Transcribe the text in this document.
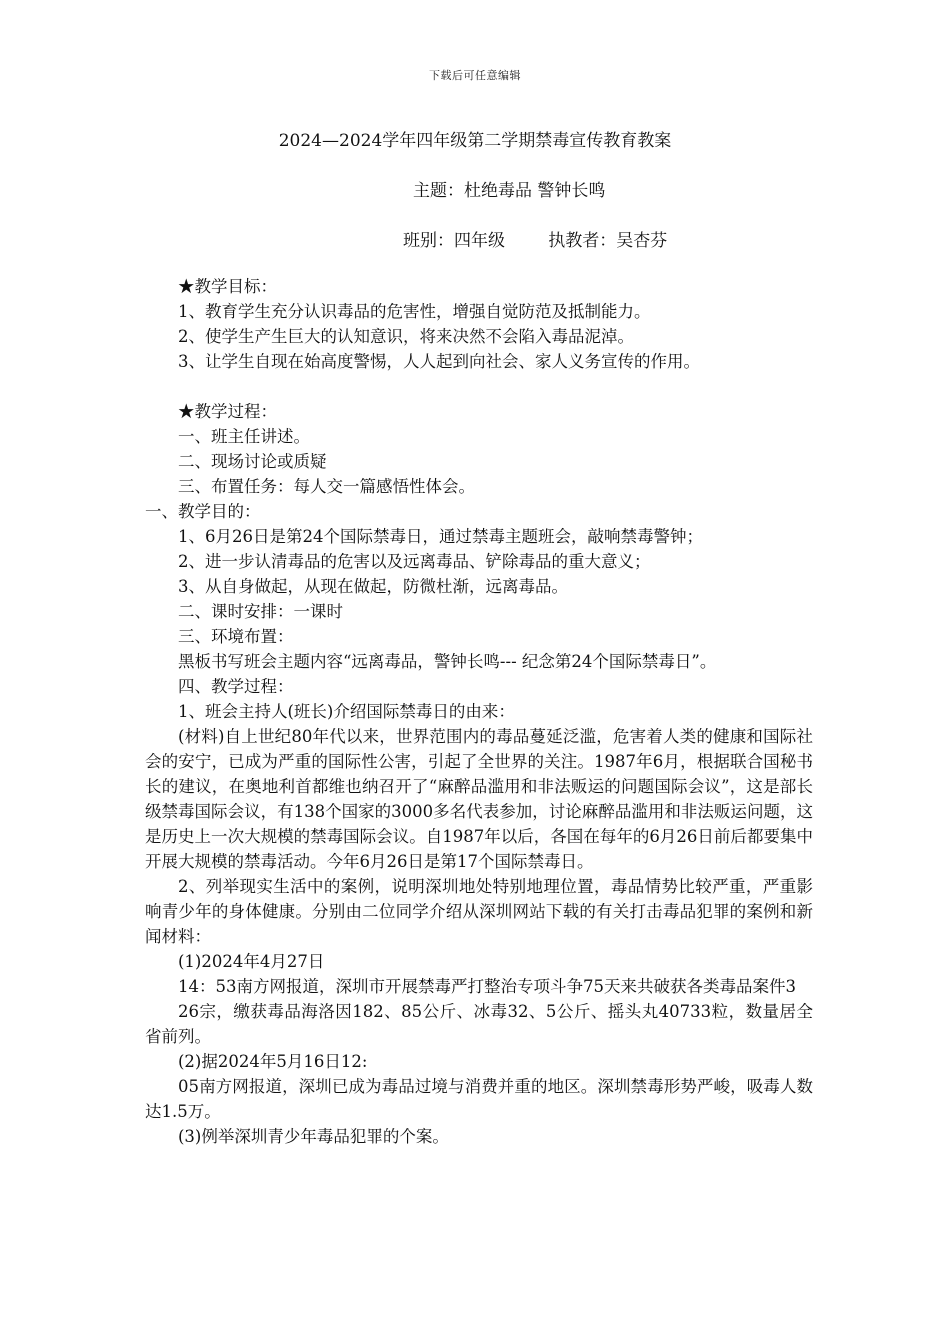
下载后可任意编辑
2024—2024学年四年级第二学期禁毒宣传教育教案
主题：杜绝毒品 警钟长鸣
班别：四年级        执教者：吴杏芬

★教学目标：

1、教育学生充分认识毒品的危害性，增强自觉防范及抵制能力。

2、使学生产生巨大的认知意识，将来决然不会陷入毒品泥淖。

3、让学生自现在始高度警惕，人人起到向社会、家人义务宣传的作用。

★教学过程：

一、班主任讲述。

二、现场讨论或质疑

三、布置任务：每人交一篇感悟性体会。

一、教学目的：

1、6月26日是第24个国际禁毒日，通过禁毒主题班会，敲响禁毒警钟；

2、进一步认清毒品的危害以及远离毒品、铲除毒品的重大意义；

3、从自身做起，从现在做起，防微杜渐，远离毒品。

二、课时安排：一课时

三、环境布置：

黑板书写班会主题内容“远离毒品，警钟长鸣--- 纪念第24个国际禁毒日”。

四、教学过程：

1、班会主持人(班长)介绍国际禁毒日的由来：

(材料)自上世纪80年代以来，世界范围内的毒品蔓延泛滥，危害着人类的健康和国际社会的安宁，已成为严重的国际性公害，引起了全世界的关注。1987年6月，根据联合国秘书长的建议，在奥地利首都维也纳召开了“麻醉品滥用和非法贩运的问题国际会议”，这是部长级禁毒国际会议，有138个国家的3000多名代表参加，讨论麻醉品滥用和非法贩运问题，这是历史上一次大规模的禁毒国际会议。自1987年以后，各国在每年的6月26日前后都要集中开展大规模的禁毒活动。今年6月26日是第17个国际禁毒日。

2、列举现实生活中的案例，说明深圳地处特别地理位置，毒品情势比较严重，严重影响青少年的身体健康。分别由二位同学介绍从深圳网站下载的有关打击毒品犯罪的案例和新闻材料：

(1)2024年4月27日

14：53南方网报道，深圳市开展禁毒严打整治专项斗争75天来共破获各类毒品案件3

26宗，缴获毒品海洛因182、85公斤、冰毒32、5公斤、摇头丸40733粒，数量居全省前列。

(2)据2024年5月16日12:

05南方网报道，深圳已成为毒品过境与消费并重的地区。深圳禁毒形势严峻，吸毒人数达1.5万。

(3)例举深圳青少年毒品犯罪的个案。
